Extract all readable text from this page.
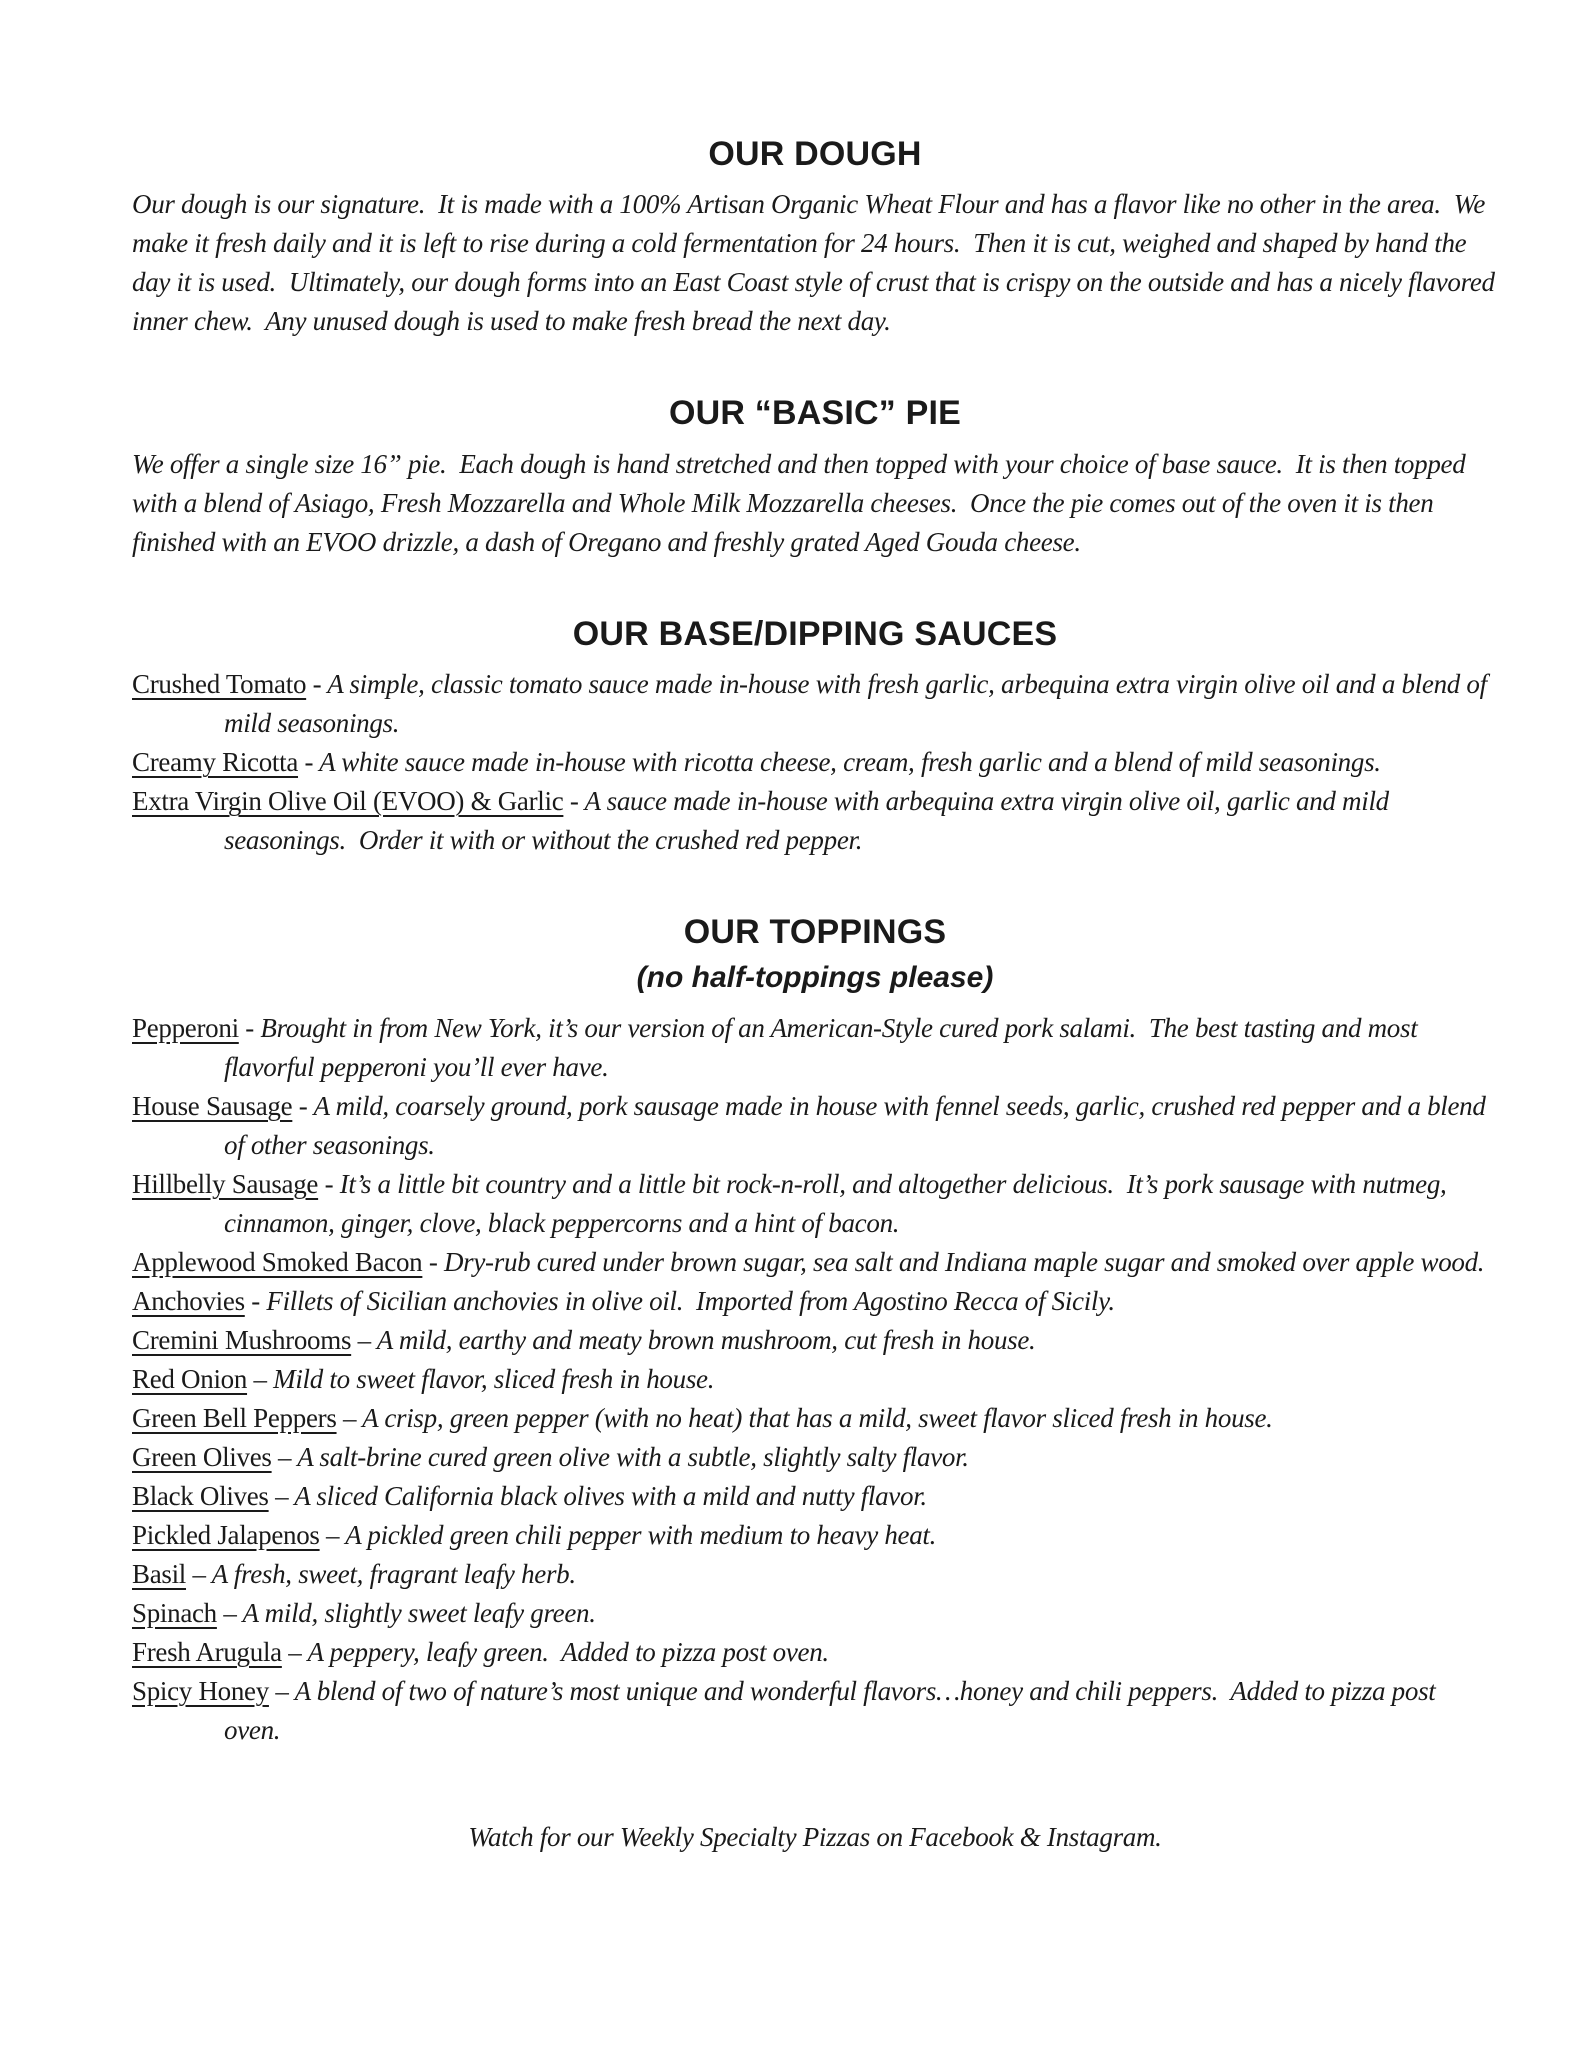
OUR DOUGH

Our dough is our signature.  It is made with a 100% Artisan Organic Wheat Flour and has a flavor like no other in the area.  We make it fresh daily and it is left to rise during a cold fermentation for 24 hours.  Then it is cut, weighed and shaped by hand the day it is used.  Ultimately, our dough forms into an East Coast style of crust that is crispy on the outside and has a nicely flavored inner chew.  Any unused dough is used to make fresh bread the next day.

OUR “BASIC” PIE

We offer a single size 16” pie.  Each dough is hand stretched and then topped with your choice of base sauce.  It is then topped with a blend of Asiago, Fresh Mozzarella and Whole Milk Mozzarella cheeses.  Once the pie comes out of the oven it is then finished with an EVOO drizzle, a dash of Oregano and freshly grated Aged Gouda cheese.

OUR BASE/DIPPING SAUCES

Crushed Tomato - A simple, classic tomato sauce made in-house with fresh garlic, arbequina extra virgin olive oil and a blend of mild seasonings.

Creamy Ricotta - A white sauce made in-house with ricotta cheese, cream, fresh garlic and a blend of mild seasonings.

Extra Virgin Olive Oil (EVOO) & Garlic - A sauce made in-house with arbequina extra virgin olive oil, garlic and mild seasonings.  Order it with or without the crushed red pepper.

OUR TOPPINGS
(no half-toppings please)

Pepperoni - Brought in from New York, it’s our version of an American-Style cured pork salami.  The best tasting and most flavorful pepperoni you’ll ever have.

House Sausage - A mild, coarsely ground, pork sausage made in house with fennel seeds, garlic, crushed red pepper and a blend of other seasonings.

Hillbelly Sausage - It’s a little bit country and a little bit rock-n-roll, and altogether delicious.  It’s pork sausage with nutmeg, cinnamon, ginger, clove, black peppercorns and a hint of bacon.

Applewood Smoked Bacon - Dry-rub cured under brown sugar, sea salt and Indiana maple sugar and smoked over apple wood.

Anchovies - Fillets of Sicilian anchovies in olive oil.  Imported from Agostino Recca of Sicily.

Cremini Mushrooms – A mild, earthy and meaty brown mushroom, cut fresh in house.

Red Onion – Mild to sweet flavor, sliced fresh in house.

Green Bell Peppers – A crisp, green pepper (with no heat) that has a mild, sweet flavor sliced fresh in house.

Green Olives – A salt-brine cured green olive with a subtle, slightly salty flavor.

Black Olives – A sliced California black olives with a mild and nutty flavor.

Pickled Jalapenos – A pickled green chili pepper with medium to heavy heat.

Basil – A fresh, sweet, fragrant leafy herb.

Spinach – A mild, slightly sweet leafy green.

Fresh Arugula – A peppery, leafy green.  Added to pizza post oven.

Spicy Honey – A blend of two of nature’s most unique and wonderful flavors…honey and chili peppers.  Added to pizza post oven.

Watch for our Weekly Specialty Pizzas on Facebook & Instagram.
